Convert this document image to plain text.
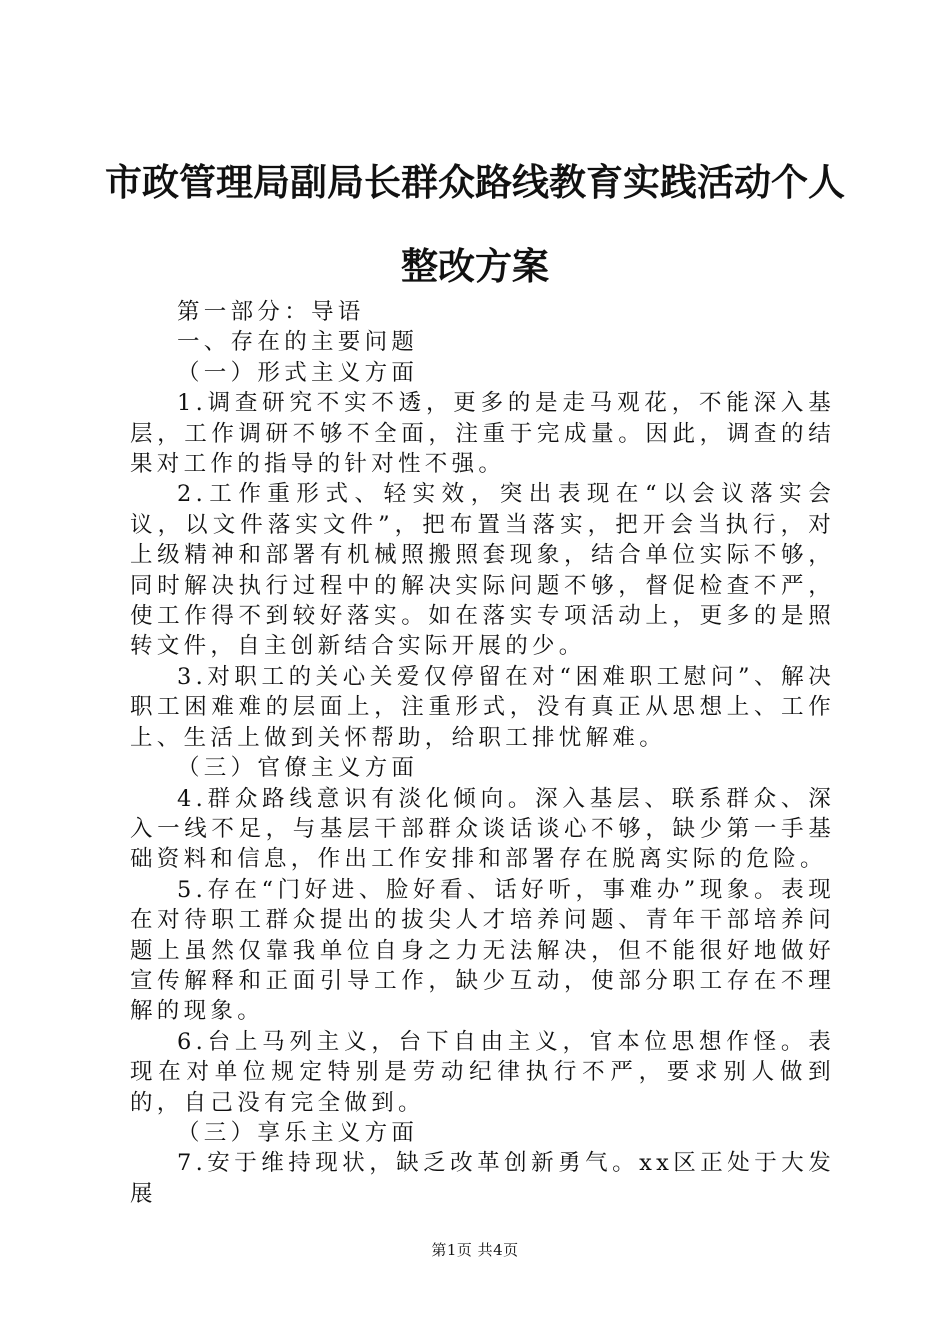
市政管理局副局长群众路线教育实践活动个人
整改方案

第一部分：导语

一、存在的主要问题

（一）形式主义方面

1.调查研究不实不透，更多的是走马观花，不能深入基层，工作调研不够不全面，注重于完成量。因此，调查的结果对工作的指导的针对性不强。

2.工作重形式、轻实效，突出表现在“以会议落实会议，以文件落实文件”，把布置当落实，把开会当执行，对上级精神和部署有机械照搬照套现象，结合单位实际不够，同时解决执行过程中的解决实际问题不够，督促检查不严，使工作得不到较好落实。如在落实专项活动上，更多的是照转文件，自主创新结合实际开展的少。

3.对职工的关心关爱仅停留在对“困难职工慰问”、解决职工困难难的层面上，注重形式，没有真正从思想上、工作上、生活上做到关怀帮助，给职工排忧解难。

（三）官僚主义方面

4.群众路线意识有淡化倾向。深入基层、联系群众、深入一线不足，与基层干部群众谈话谈心不够，缺少第一手基础资料和信息，作出工作安排和部署存在脱离实际的危险。

5.存在“门好进、脸好看、话好听，事难办”现象。表现在对待职工群众提出的拔尖人才培养问题、青年干部培养问题上虽然仅靠我单位自身之力无法解决，但不能很好地做好宣传解释和正面引导工作，缺少互动，使部分职工存在不理解的现象。

6.台上马列主义，台下自由主义，官本位思想作怪。表现在对单位规定特别是劳动纪律执行不严，要求别人做到的，自己没有完全做到。

（三）享乐主义方面

7.安于维持现状，缺乏改革创新勇气。xx区正处于大发展

第1页 共4页
